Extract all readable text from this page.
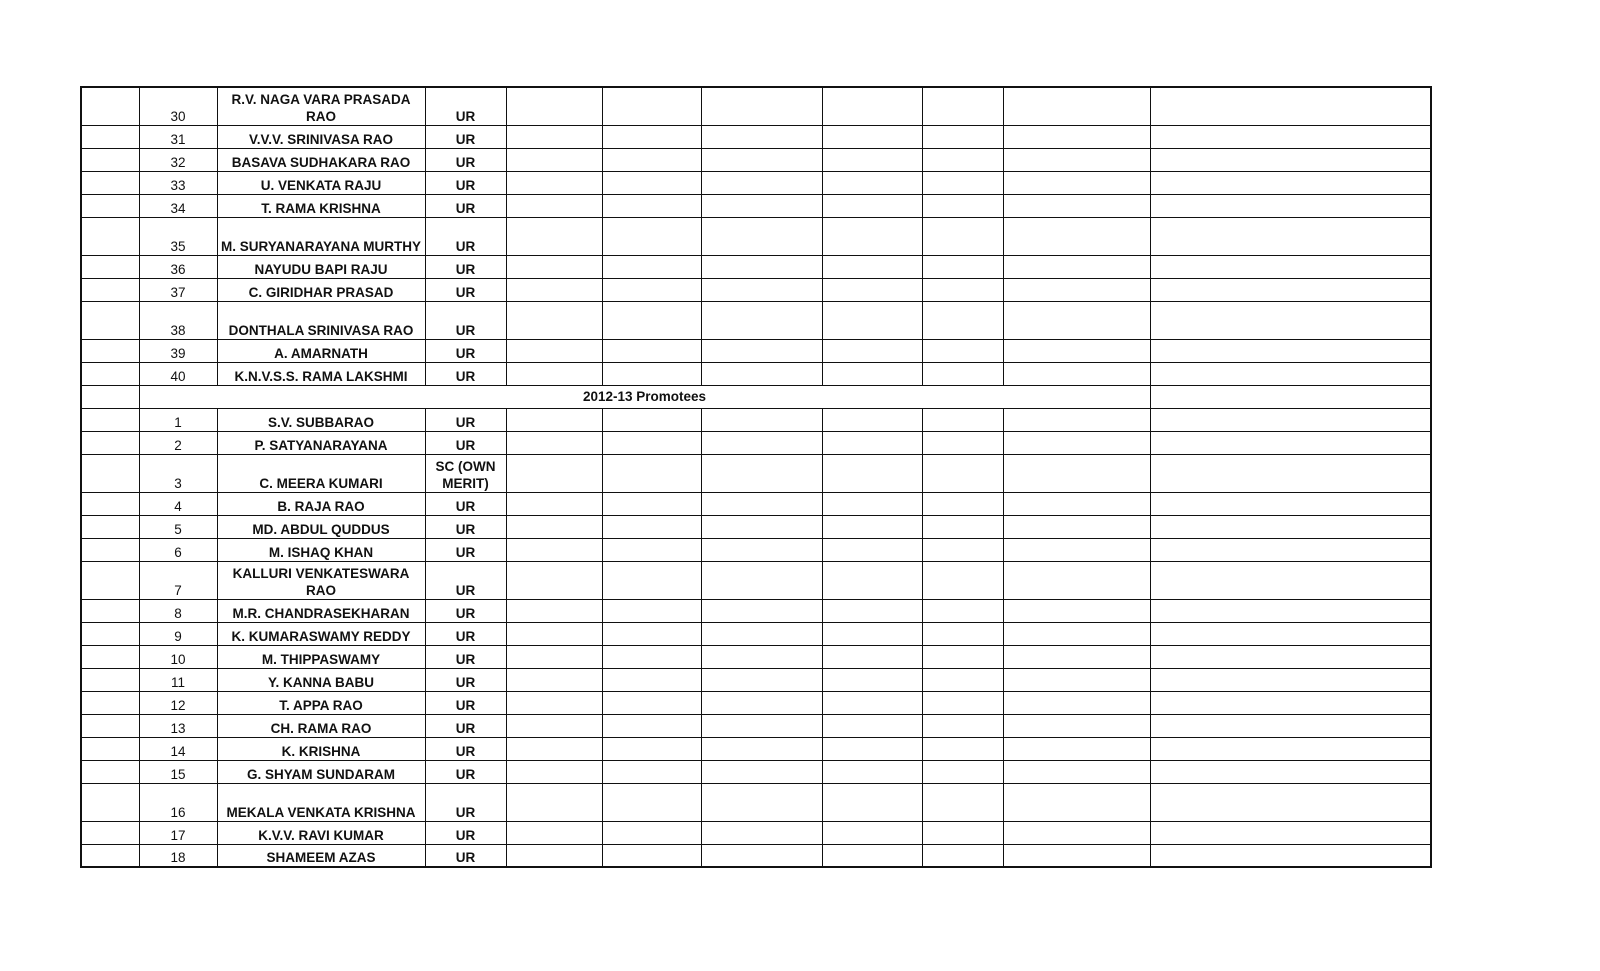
	30	R.V. NAGA VARA PRASADA RAO	UR							
	31	V.V.V. SRINIVASA RAO	UR							
	32	BASAVA SUDHAKARA RAO	UR							
	33	U. VENKATA RAJU	UR							
	34	T. RAMA KRISHNA	UR							
	35	M. SURYANARAYANA MURTHY	UR							
	36	NAYUDU BAPI RAJU	UR							
	37	C. GIRIDHAR PRASAD	UR							
	38	DONTHALA SRINIVASA RAO	UR							
	39	A. AMARNATH	UR							
	40	K.N.V.S.S. RAMA LAKSHMI	UR							
	2012-13 Promotees									
	1	S.V. SUBBARAO	UR							
	2	P. SATYANARAYANA	UR							
	3	C. MEERA KUMARI	SC (OWN MERIT)							
	4	B. RAJA RAO	UR							
	5	MD. ABDUL QUDDUS	UR							
	6	M. ISHAQ KHAN	UR							
	7	KALLURI VENKATESWARA RAO	UR							
	8	M.R. CHANDRASEKHARAN	UR							
	9	K. KUMARASWAMY REDDY	UR							
	10	M. THIPPASWAMY	UR							
	11	Y. KANNA BABU	UR							
	12	T. APPA RAO	UR							
	13	CH. RAMA RAO	UR							
	14	K. KRISHNA	UR							
	15	G. SHYAM SUNDARAM	UR							
	16	MEKALA VENKATA KRISHNA	UR							
	17	K.V.V. RAVI KUMAR	UR							
	18	SHAMEEM AZAS	UR							
